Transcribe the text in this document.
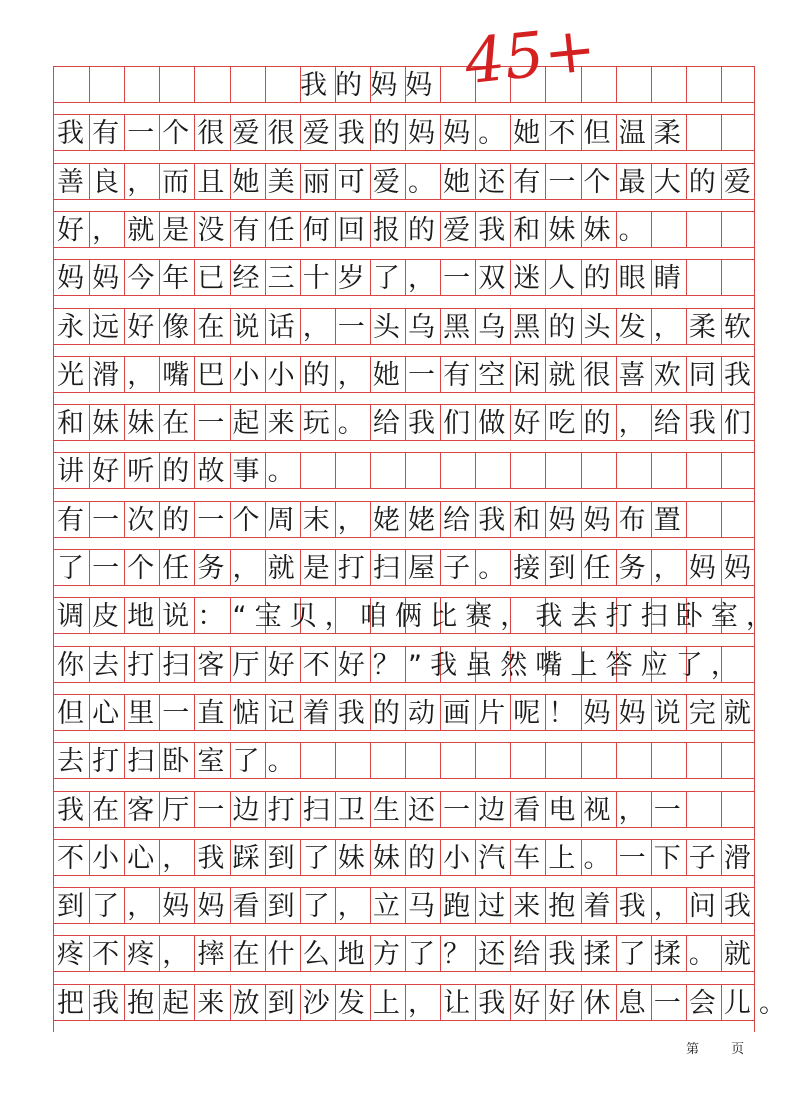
我的妈妈
我有一个很爱很爱我的妈妈。她不但温柔
善良，而且她美丽可爱。她还有一个最大的爱
好，就是没有任何回报的爱我和妹妹。
妈妈今年已经三十岁了，一双迷人的眼睛
永远好像在说话，一头乌黑乌黑的头发，柔软
光滑，嘴巴小小的，她一有空闲就很喜欢同我
和妹妹在一起来玩。给我们做好吃的，给我们
讲好听的故事。
有一次的一个周末，姥姥给我和妈妈布置
了一个任务，就是打扫屋子。接到任务，妈妈
调皮地说：“宝贝，咱俩比赛，我去打扫卧室，
你去打扫客厅好不好？”我虽然嘴上答应了，
但心里一直惦记着我的动画片呢！妈妈说完就
去打扫卧室了。
我在客厅一边打扫卫生还一边看电视，一
不小心，我踩到了妹妹的小汽车上。一下子滑
到了，妈妈看到了，立马跑过来抱着我，问我
疼不疼，摔在什么地方了？还给我揉了揉。就
把我抱起来放到沙发上，让我好好休息一会儿。
45+
第 页
